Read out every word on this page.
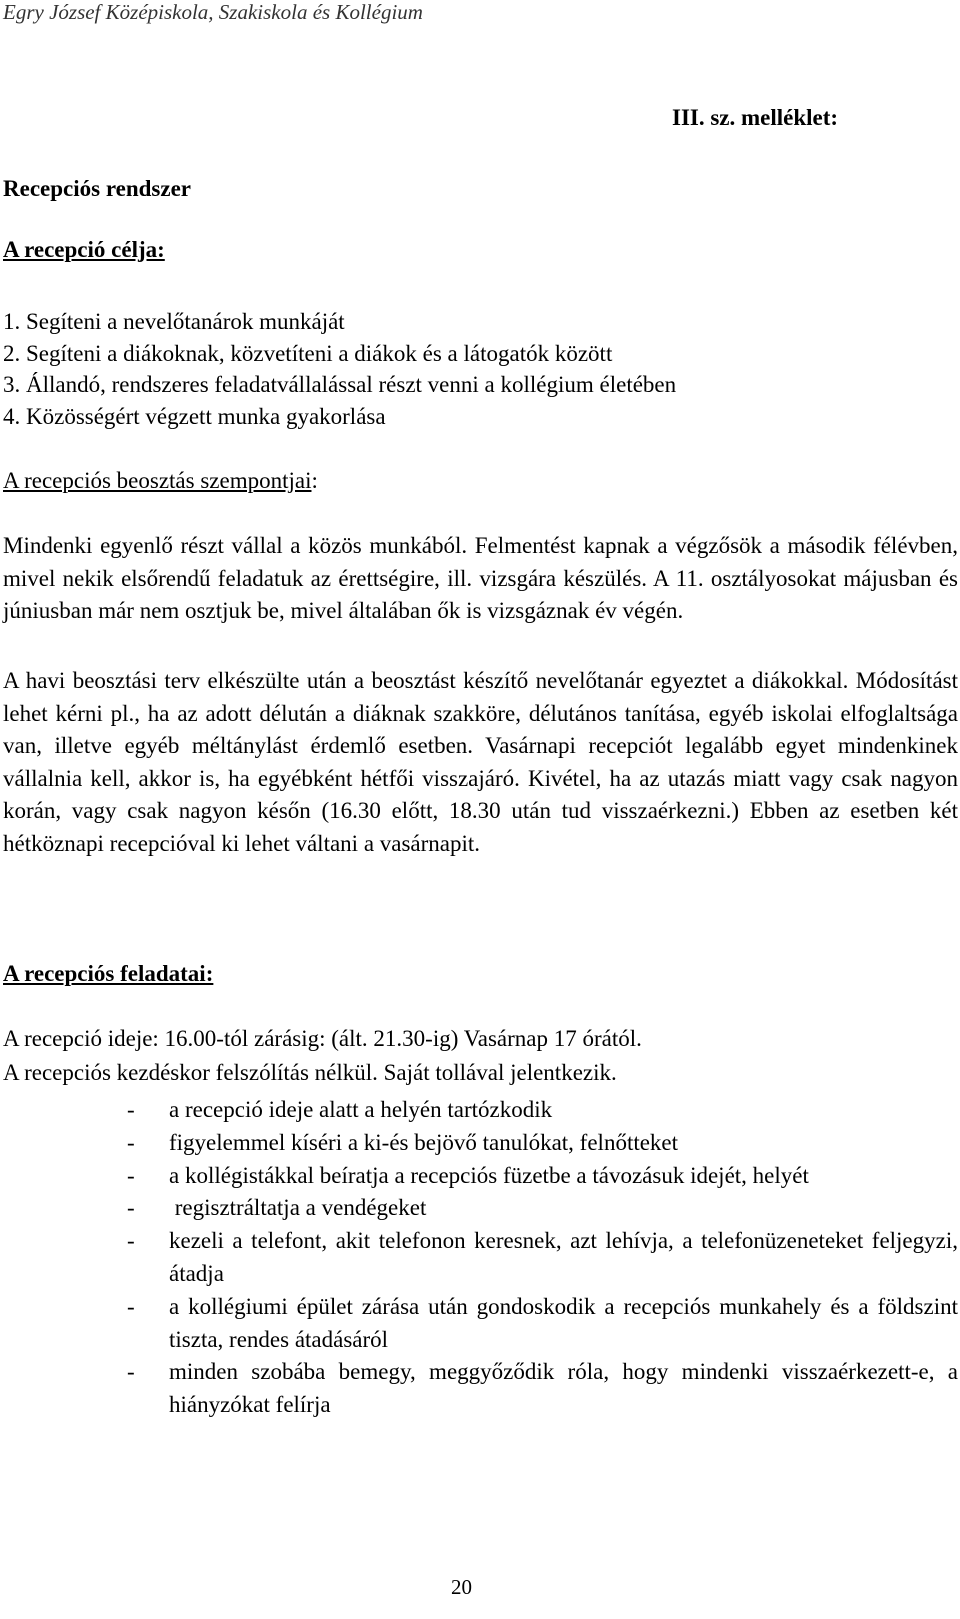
Egry József Középiskola, Szakiskola és Kollégium
III. sz. melléklet:
Recepciós rendszer
A recepció célja:
1. Segíteni a nevelőtanárok munkáját
2. Segíteni a diákoknak, közvetíteni a diákok és a látogatók között
3. Állandó, rendszeres feladatvállalással részt venni a kollégium életében
4. Közösségért végzett munka gyakorlása
A recepciós beosztás szempontjai:

Mindenki egyenlő részt vállal a közös munkából. Felmentést kapnak a végzősök a második félévben, mivel nekik elsőrendű feladatuk az érettségire, ill. vizsgára készülés. A 11. osztályosokat májusban és júniusban már nem osztjuk be, mivel általában ők is vizsgáznak év végén.

A havi beosztási terv elkészülte után a beosztást készítő nevelőtanár egyeztet a diákokkal. Módosítást lehet kérni pl., ha az adott délután a diáknak szakköre, délutános tanítása, egyéb iskolai elfoglaltsága van, illetve egyéb méltánylást érdemlő esetben. Vasárnapi recepciót legalább egyet mindenkinek vállalnia kell, akkor is, ha egyébként hétfői visszajáró. Kivétel, ha az utazás miatt vagy csak nagyon korán, vagy csak nagyon későn (16.30 előtt, 18.30 után tud visszaérkezni.) Ebben az esetben két hétköznapi recepcióval ki lehet váltani a vasárnapit.

A recepciós feladatai:

A recepció ideje: 16.00-tól zárásig: (ált. 21.30-ig) Vasárnap 17 órától.

A recepciós kezdéskor felszólítás nélkül. Saját tollával jelentkezik.

- a recepció ideje alatt a helyén tartózkodik
- figyelemmel kíséri a ki-és bejövő tanulókat, felnőtteket
- a kollégistákkal beíratja a recepciós füzetbe a távozásuk idejét, helyét
- regisztráltatja a vendégeket
- kezeli a telefont, akit telefonon keresnek, azt lehívja, a telefonüzeneteket feljegyzi, átadja
- a kollégiumi épület zárása után gondoskodik a recepciós munkahely és a földszint tiszta, rendes átadásáról
- minden szobába bemegy, meggyőződik róla, hogy mindenki visszaérkezett-e, a hiányzókat felírja
20
